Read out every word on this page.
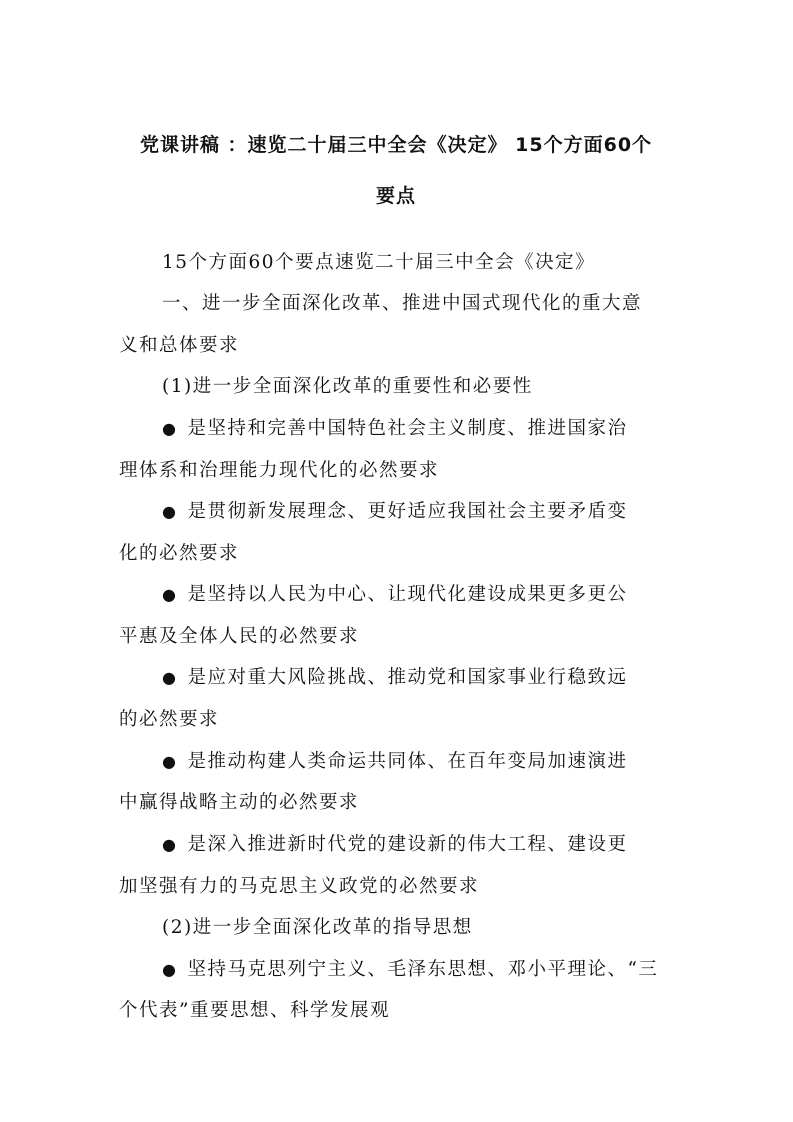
党课讲稿 ：速览二十届三中全会《决定》 15个方面60个
要点

15个方面60个要点速览二十届三中全会《决定》

一、进一步全面深化改革、推进中国式现代化的重大意

义和总体要求

(1)进一步全面深化改革的重要性和必要性

● 是坚持和完善中国特色社会主义制度、推进国家治

理体系和治理能力现代化的必然要求

● 是贯彻新发展理念、更好适应我国社会主要矛盾变

化的必然要求

● 是坚持以人民为中心、让现代化建设成果更多更公

平惠及全体人民的必然要求

● 是应对重大风险挑战、推动党和国家事业行稳致远

的必然要求

● 是推动构建人类命运共同体、在百年变局加速演进

中赢得战略主动的必然要求

● 是深入推进新时代党的建设新的伟大工程、建设更

加坚强有力的马克思主义政党的必然要求

(2)进一步全面深化改革的指导思想

● 坚持马克思列宁主义、毛泽东思想、邓小平理论、“三

个代表”重要思想、科学发展观
